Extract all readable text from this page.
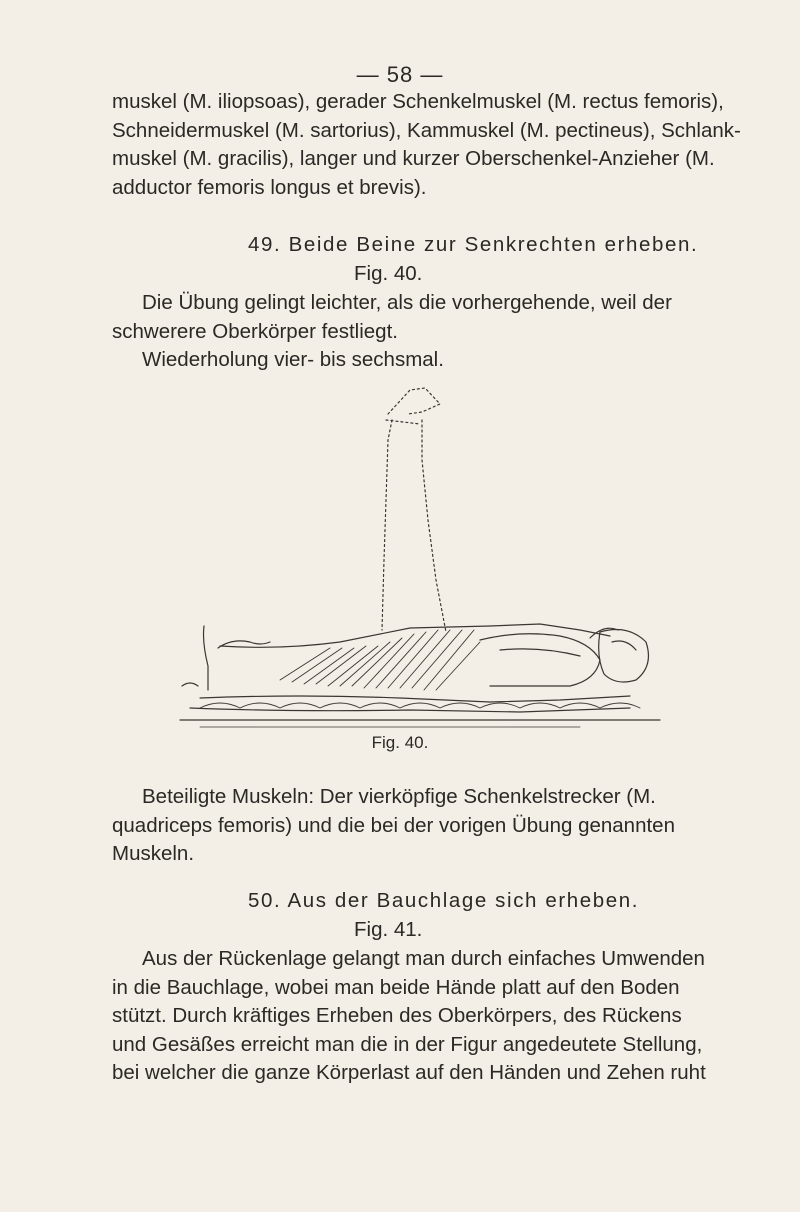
— 58 —
muskel (M. iliopsoas), gerader Schenkelmuskel (M. rectus femoris),
Schneidermuskel (M. sartorius), Kammuskel (M. pectineus), Schlank-
muskel (M. gracilis), langer und kurzer Oberschenkel-Anzieher (M.
adductor femoris longus et brevis).
49. Beide Beine zur Senkrechten erheben.
Fig. 40.
Die Übung gelingt leichter, als die vorhergehende, weil der
schwerere Oberkörper festliegt.
Wiederholung vier- bis sechsmal.
Fig. 40.
Beteiligte Muskeln: Der vierköpfige Schenkelstrecker (M.
quadriceps femoris) und die bei der vorigen Übung genannten
Muskeln.
50. Aus der Bauchlage sich erheben.
Fig. 41.
Aus der Rückenlage gelangt man durch einfaches Umwenden
in die Bauchlage, wobei man beide Hände platt auf den Boden
stützt. Durch kräftiges Erheben des Oberkörpers, des Rückens
und Gesäßes erreicht man die in der Figur angedeutete Stellung,
bei welcher die ganze Körperlast auf den Händen und Zehen ruht
